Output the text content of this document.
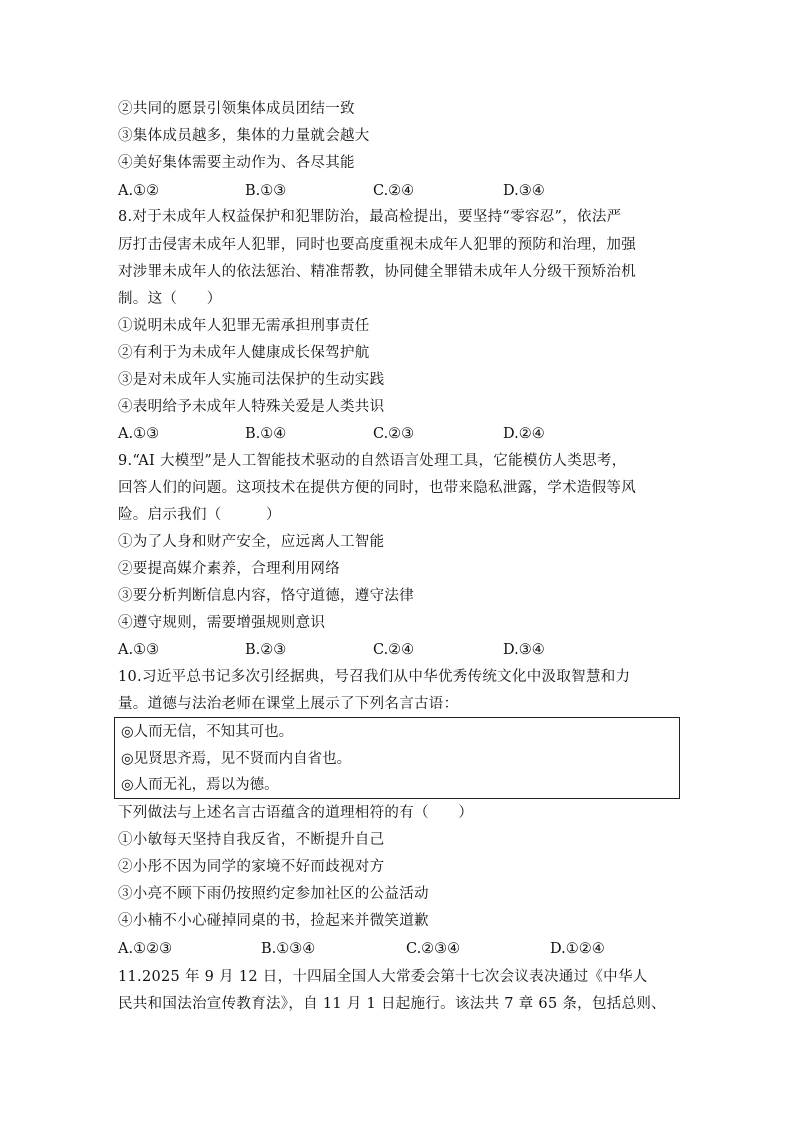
②共同的愿景引领集体成员团结一致
③集体成员越多，集体的力量就会越大
④美好集体需要主动作为、各尽其能
A.①②	B.①③	C.②④	D.③④
8.对于未成年人权益保护和犯罪防治，最高检提出，要坚持“零容忍”，依法严
厉打击侵害未成年人犯罪，同时也要高度重视未成年人犯罪的预防和治理，加强
对涉罪未成年人的依法惩治、精准帮教，协同健全罪错未成年人分级干预矫治机
制。这（　　）
①说明未成年人犯罪无需承担刑事责任
②有利于为未成年人健康成长保驾护航
③是对未成年人实施司法保护的生动实践
④表明给予未成年人特殊关爱是人类共识
A.①③	B.①④	C.②③	D.②④
9.“AI 大模型”是人工智能技术驱动的自然语言处理工具，它能模仿人类思考，
回答人们的问题。这项技术在提供方便的同时，也带来隐私泄露，学术造假等风
险。启示我们（　　　）
①为了人身和财产安全，应远离人工智能
②要提高媒介素养，合理利用网络
③要分析判断信息内容，恪守道德，遵守法律
④遵守规则，需要增强规则意识
A.①③	B.②③	C.②④	D.③④
10.习近平总书记多次引经据典，号召我们从中华优秀传统文化中汲取智慧和力
量。道德与法治老师在课堂上展示了下列名言古语：
◎人而无信，不知其可也。
◎见贤思齐焉，见不贤而内自省也。
◎人而无礼，焉以为德。
下列做法与上述名言古语蕴含的道理相符的有（　　）
①小敏每天坚持自我反省，不断提升自己
②小彤不因为同学的家境不好而歧视对方
③小亮不顾下雨仍按照约定参加社区的公益活动
④小楠不小心碰掉同桌的书，捡起来并微笑道歉
A.①②③	B.①③④	C.②③④	D.①②④
11.2025 年 9 月 12 日，十四届全国人大常委会第十七次会议表决通过《中华人
民共和国法治宣传教育法》，自 11 月 1 日起施行。该法共 7 章 65 条，包括总则、
